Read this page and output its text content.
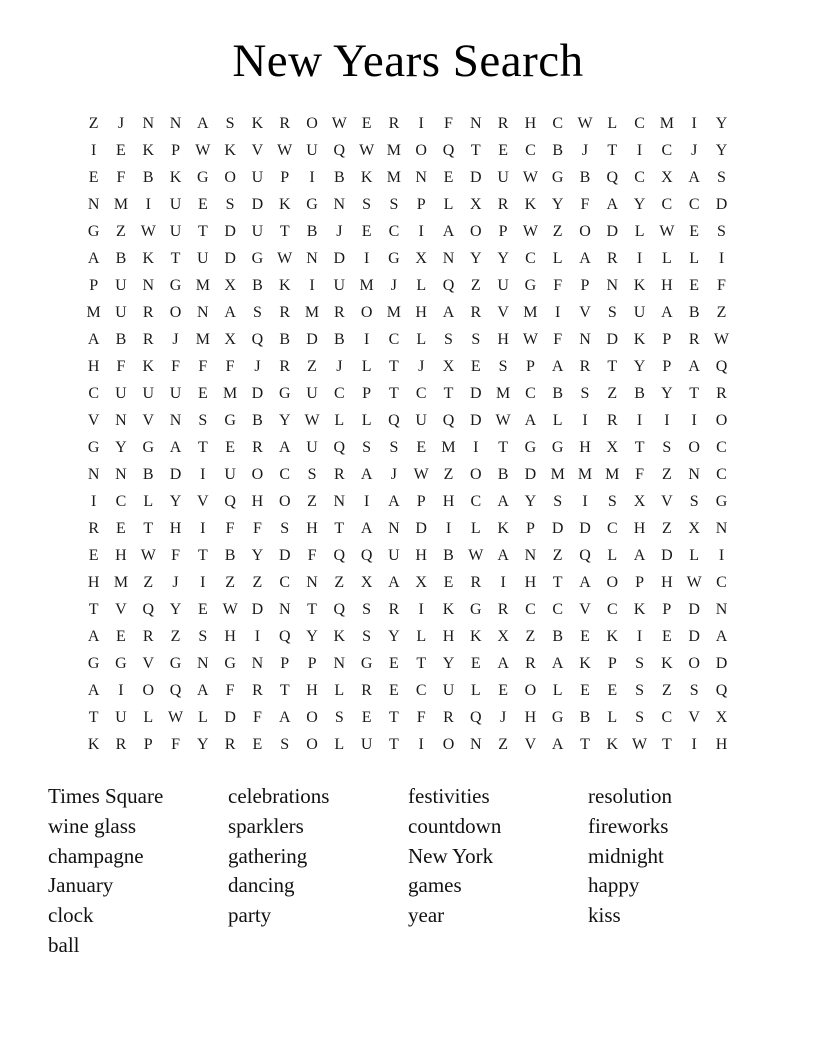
New Years Search
Z	J	N N A	S	K	R	O W E	R	I	F	N	R	H	C W L	C M	I	Y
I	E	K	P W K V W U Q W M O Q	T	E	C	B	J	T	I	C	J	Y
E	F	B	K G O U	P	I	B	K M N	E	D U W G	B	Q	C	X A	S
N M	I	U	E	S	D K G N	S	S	P	L	X	R	K Y	F	A Y	C	C	D
G	Z W U	T	D U	T	B	J	E	C	I	A O	P W Z	O D	L W E	S
A	B	K	T	U D G W N D	I	G X N Y Y	C	L	A	R	I	L	L	I
P	U N G M X	B	K	I	U M	J	L	Q	Z	U G	F	P	N K H	E	F
M U	R	O N A	S	R M R	O M H A	R	V M	I	V	S	U A	B	Z
A	B	R	J	M X Q	B	D	B	I	C	L	S	S	H W F	N D K	P	R W
H	F	K	F	F	F	J	R	Z	J	L	T	J	X	E	S	P	A	R	T	Y	P	A Q
C	U U U	E M D G U	C	P	T	C	T	D M C	B	S	Z	B	Y	T	R
V N V N	S	G	B	Y W L	L	Q U Q D W A	L	I	R	I	I	I	O
G Y G A	T	E	R	A U Q	S	S	E M	I	T	G G H X	T	S	O	C
N N	B	D	I	U O	C	S	R	A	J	W Z	O	B	D M M M F	Z	N	C
I	C	L	Y V Q H O	Z	N	I	A	P	H	C	A Y	S	I	S	X V	S	G
R	E	T	H	I	F	F	S	H	T	A N D	I	L	K	P	D D	C	H	Z	X N
E	H W F	T	B	Y D	F	Q Q U H	B W A N	Z	Q	L	A D	L	I
H M Z	J	I	Z	Z	C	N	Z	X A X	E	R	I	H	T	A O	P	H W C
T	V Q Y	E W D N	T	Q	S	R	I	K G	R	C	C	V	C	K	P	D N
A	E	R	Z	S	H	I	Q Y K	S	Y	L	H K X	Z	B	E	K	I	E	D A
G G V G N G N	P	P	N G	E	T	Y	E	A	R	A K	P	S	K O D
A	I	O Q A	F	R	T	H	L	R	E	C	U	L	E	O	L	E	E	S	Z	S	Q
T	U	L W L	D	F	A O	S	E	T	F	R	Q	J	H G	B	L	S	C	V X
K	R	P	F	Y	R	E	S	O	L	U	T	I	O N	Z	V A	T	K W T	I	H
Times Square
wine glass
champagne
January
clock
ball
celebrations
sparklers
gathering
dancing
party
festivities
countdown
New York
games
year
resolution
fireworks
midnight
happy
kiss
